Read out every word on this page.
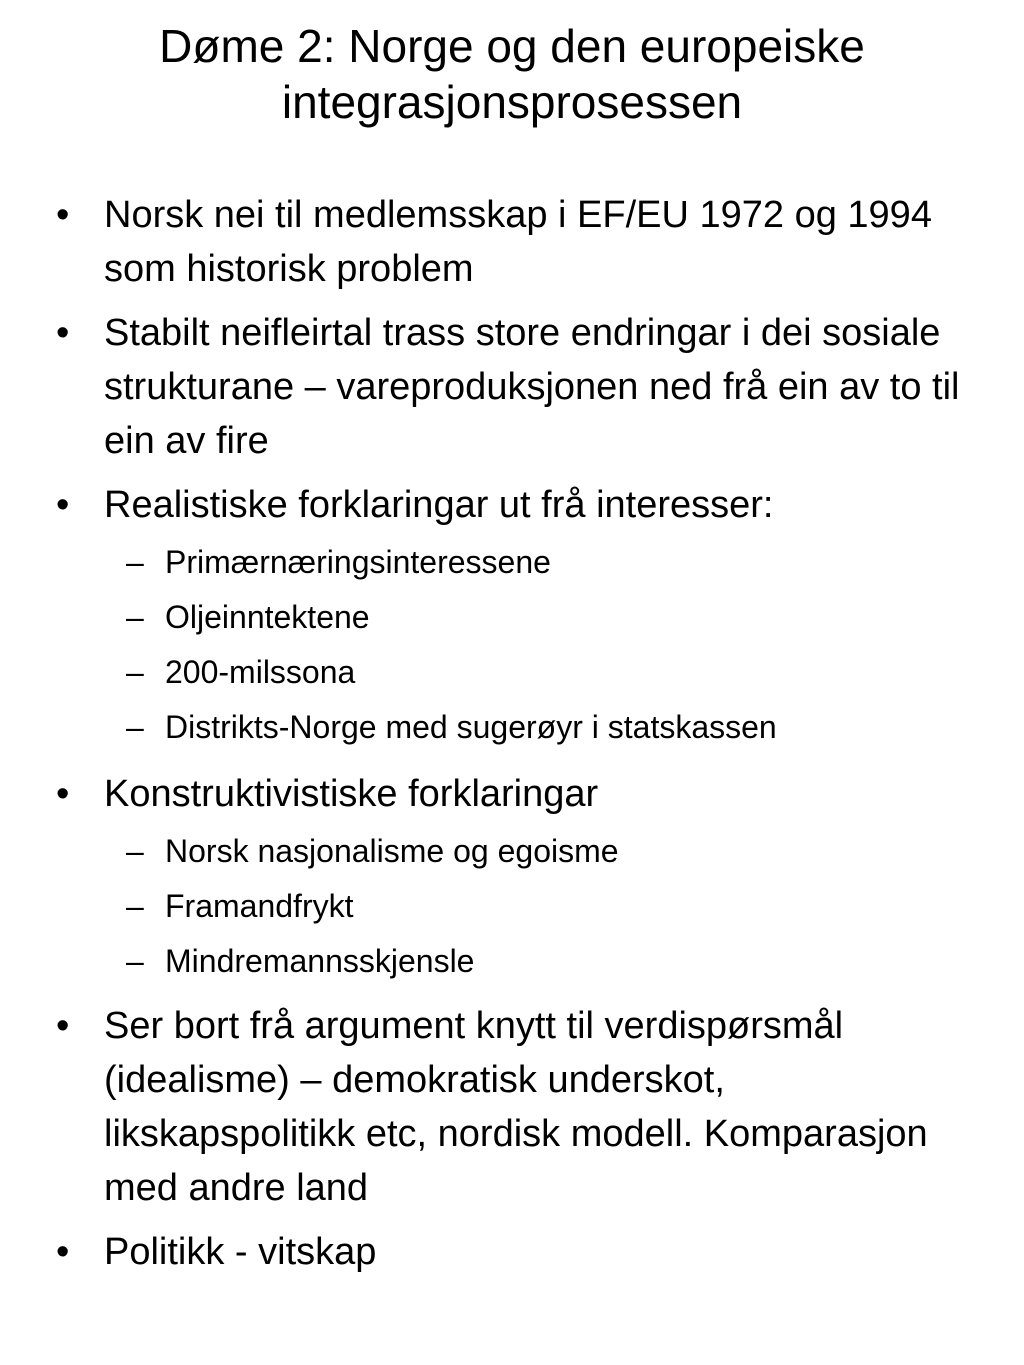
Døme 2: Norge og den europeiske
integrasjonsprosessen
• Norsk nei til medlemsskap i EF/EU 1972 og 1994 som historisk problem
• Stabilt neifleirtal trass store endringar i dei sosiale strukturane – vareproduksjonen ned frå ein av to til ein av fire
• Realistiske forklaringar ut frå interesser:
– Primærnæringsinteressene
– Oljeinntektene
– 200-milssona
– Distrikts-Norge med sugerøyr i statskassen
• Konstruktivistiske forklaringar
– Norsk nasjonalisme og egoisme
– Framandfrykt
– Mindremannsskjensle
• Ser bort frå argument knytt til verdispørsmål (idealisme) – demokratisk underskot, likskapspolitikk etc, nordisk modell. Komparasjon med andre land
• Politikk - vitskap
